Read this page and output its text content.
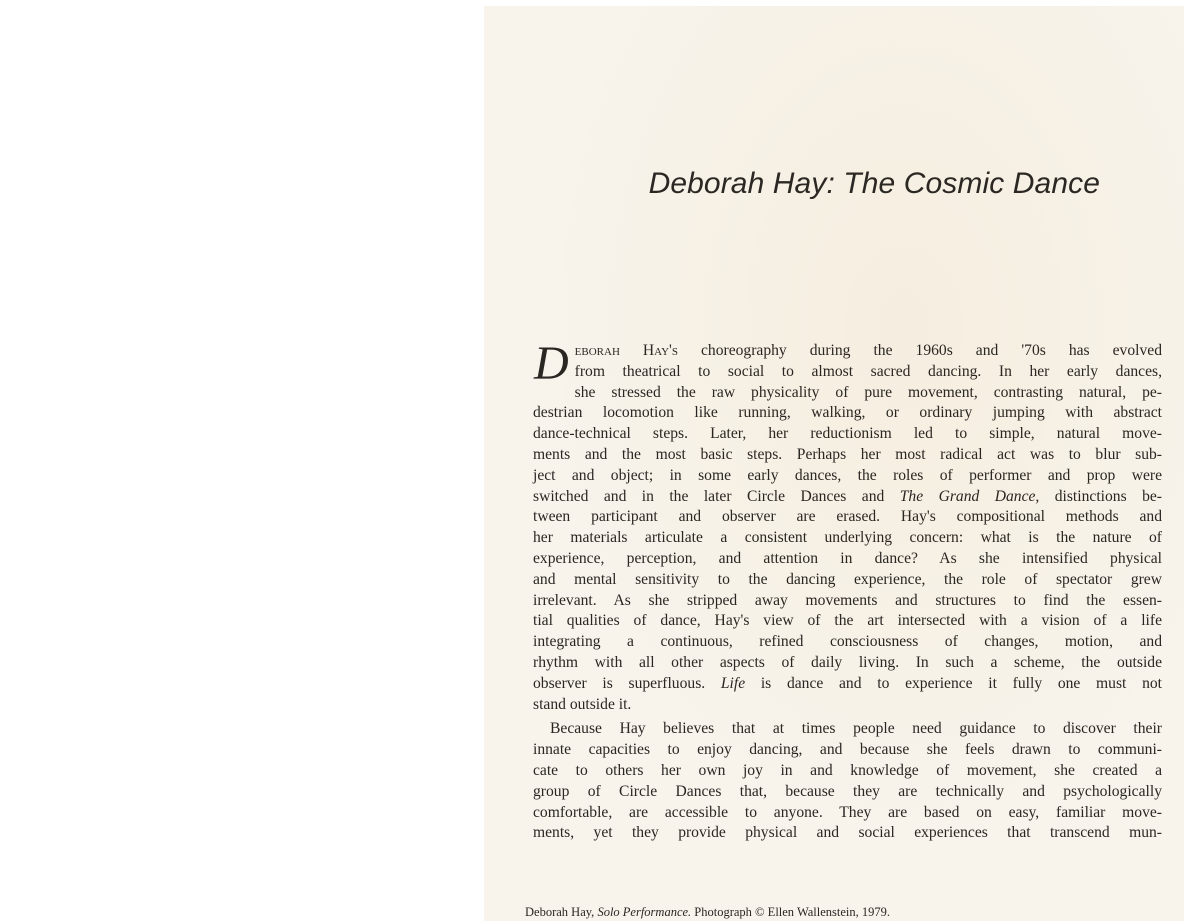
Deborah Hay: The Cosmic Dance
D eborah Hay's choreography during the 1960s and '70s has evolved

from theatrical to social to almost sacred dancing. In her early dances,

she stressed the raw physicality of pure movement, contrasting natural, pe-

destrian locomotion like running, walking, or ordinary jumping with abstract

dance-technical steps. Later, her reductionism led to simple, natural move-

ments and the most basic steps. Perhaps her most radical act was to blur sub-

ject and object; in some early dances, the roles of performer and prop were

switched and in the later Circle Dances and The Grand Dance, distinctions be-

tween participant and observer are erased. Hay's compositional methods and

her materials articulate a consistent underlying concern: what is the nature of

experience, perception, and attention in dance? As she intensified physical

and mental sensitivity to the dancing experience, the role of spectator grew

irrelevant. As she stripped away movements and structures to find the essen-

tial qualities of dance, Hay's view of the art intersected with a vision of a life

integrating a continuous, refined consciousness of changes, motion, and

rhythm with all other aspects of daily living. In such a scheme, the outside

observer is superfluous. Life is dance and to experience it fully one must not

stand outside it.

Because Hay believes that at times people need guidance to discover their

innate capacities to enjoy dancing, and because she feels drawn to communi-

cate to others her own joy in and knowledge of movement, she created a

group of Circle Dances that, because they are technically and psychologically

comfortable, are accessible to anyone. They are based on easy, familiar move-

ments, yet they provide physical and social experiences that transcend mun-

Deborah Hay, Solo Performance. Photograph © Ellen Wallenstein, 1979.
